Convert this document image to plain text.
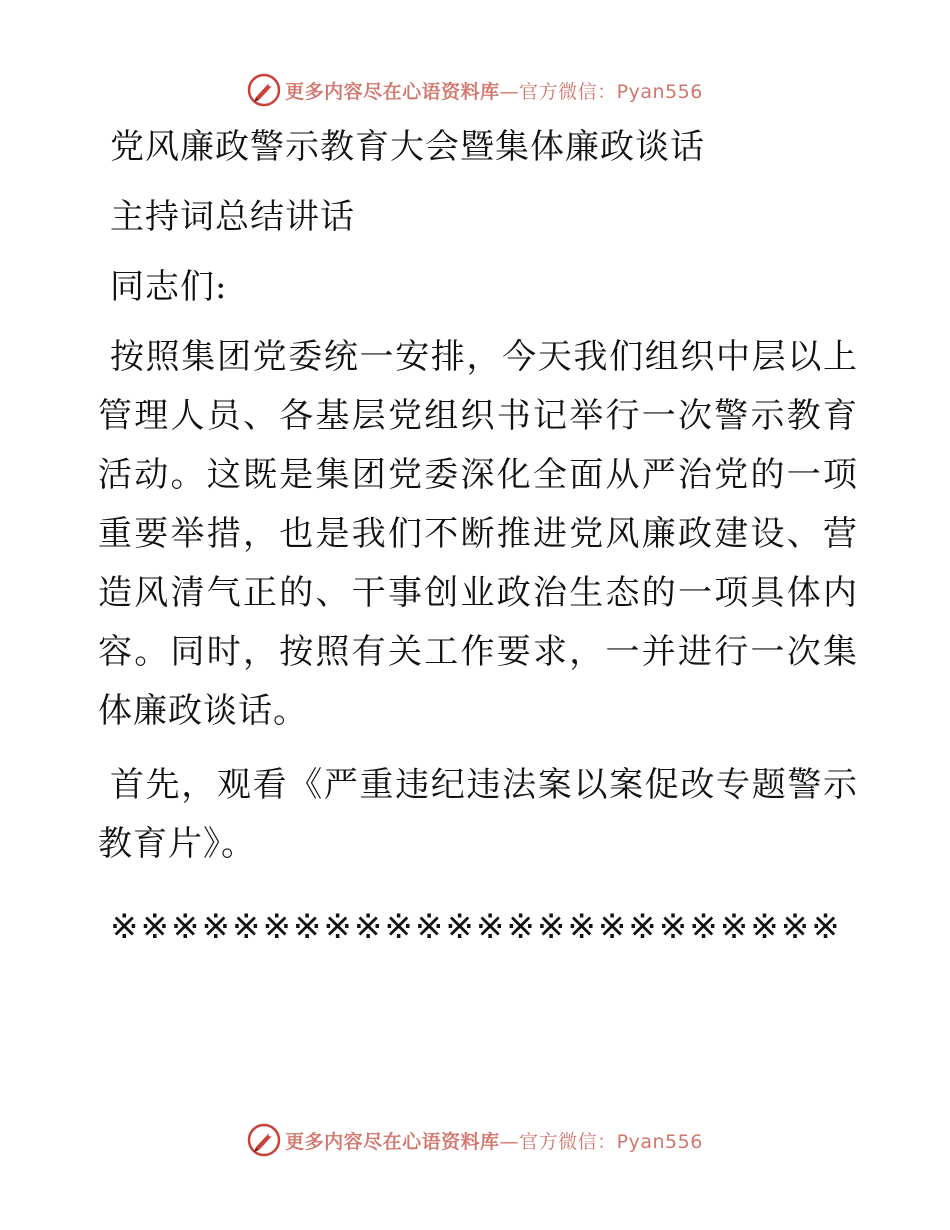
更多内容尽在心语资料库—官方微信：Pyan556

党风廉政警示教育大会暨集体廉政谈话

主持词总结讲话

同志们:

按照集团党委统一安排，今天我们组织中层以上管理人员、各基层党组织书记举行一次警示教育活动。这既是集团党委深化全面从严治党的一项重要举措，也是我们不断推进党风廉政建设、营造风清气正的、干事创业政治生态的一项具体内容。同时，按照有关工作要求，一并进行一次集体廉政谈话。

首先，观看《严重违纪违法案以案促改专题警示教育片》。

※※※※※※※※※※※※※※※※※※※※※※※※

更多内容尽在心语资料库—官方微信：Pyan556
